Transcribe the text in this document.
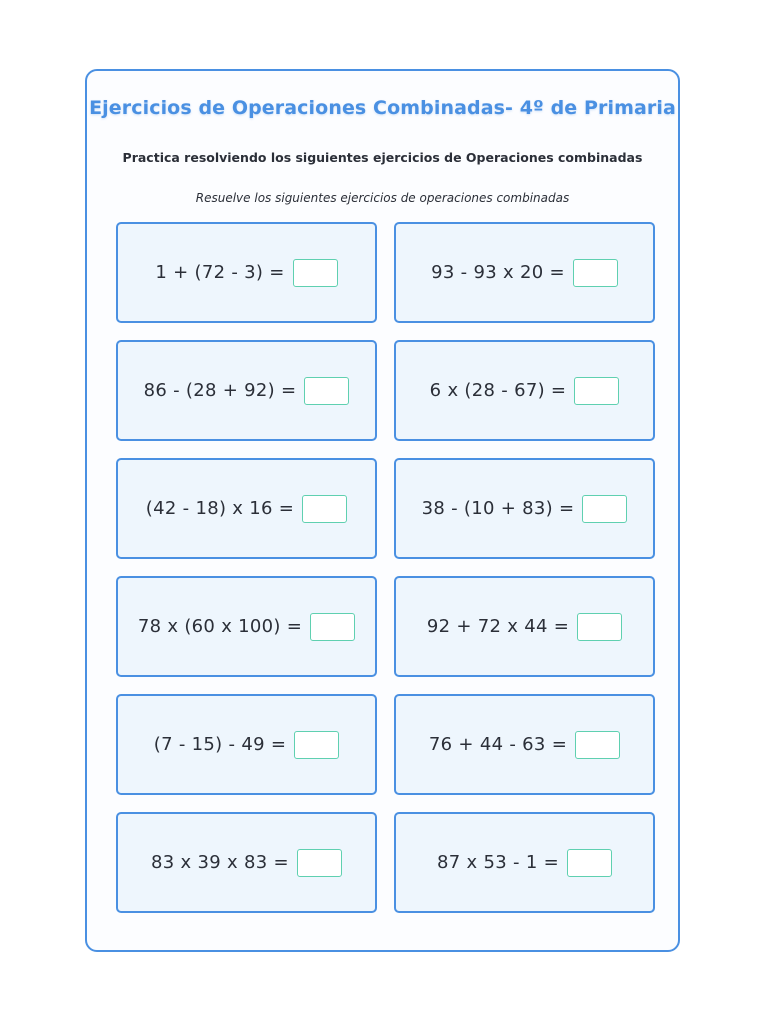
Ejercicios de Operaciones Combinadas- 4º de Primaria
Practica resolviendo los siguientes ejercicios de Operaciones combinadas
Resuelve los siguientes ejercicios de operaciones combinadas
1 + (72 - 3) =	93 - 93 x 20 =
86 - (28 + 92) =	6 x (28 - 67) =
(42 - 18) x 16 =	38 - (10 + 83) =
78 x (60 x 100) =	92 + 72 x 44 =
(7 - 15) - 49 =	76 + 44 - 63 =
83 x 39 x 83 =	87 x 53 - 1 =
